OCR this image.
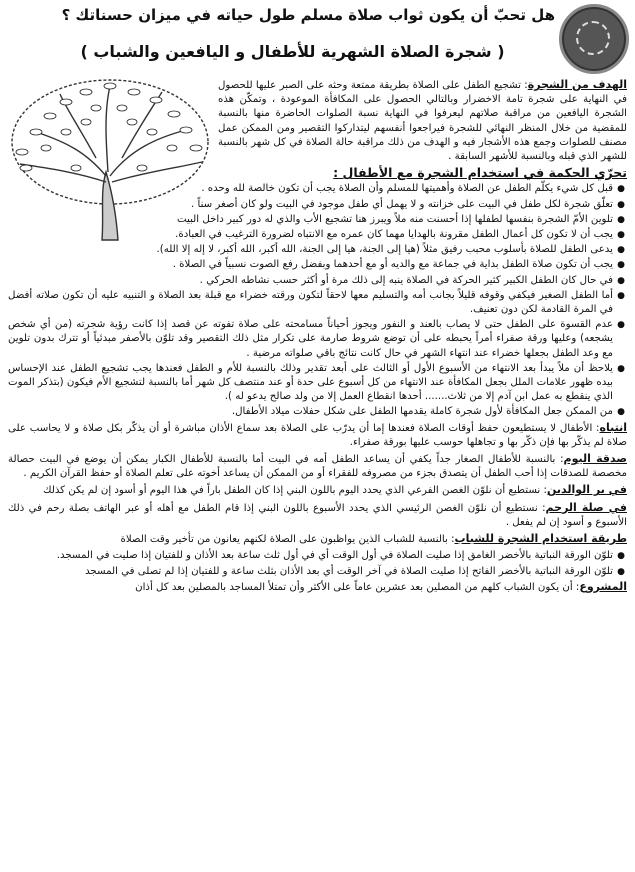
هل تحبّ أن يكون ثواب صلاة مسلم طول حياته في ميزان حسناتك ؟
( شجرة الصلاة الشهرية للأطفال و اليافعين والشباب )

الهدف من الشجرة: تشجيع الطفل على الصلاة بطريقة ممتعة وحثه على الصبر عليها للحصول في النهاية على شجرة تامة الاخضرار وبالتالي الحصول على المكافأة الموعودة ، وتمكّن هذه الشجرة اليافعين من مراقبة صلاتهم ليعرفوا في النهاية نسبة الصلوات الحاضرة منها بالنسبة للمقضية من خلال المنظر النهائي للشجرة فيراجعوا أنفسهم ليتداركوا التقصير ومن الممكن عمل مصنف للصلوات وجمع هذه الأشجار فيه و الهدف من ذلك مراقبة حالة الصلاة في كل شهر بالنسبة للشهر الذي قبله وبالنسبة للأشهر السابقة .

تحرّي الحكمة في استخدام الشجرة مع الأطفال :
● قبل كل شيء يكلّم الطفل عن الصلاة وأهميتها للمسلم وأن الصلاة يجب أن تكون خالصة لله وحده .
● تعلّق شجرة لكل طفل في البيت على خزانته و لا يهمل أي طفل موجود في البيت ولو كان أصغر سناً .
● تلوين الأمّ الشجرة بنفسها لطفلها إذا أحسنت منه ملاً ويبرز هنا تشجيع الأب والذي له دور كبير داخل البيت
● يجب أن لا تكون كل أعمال الطفل مقرونة بالهدايا مهما كان عمره مع الانتباه لضرورة الترغيب في العبادة.
● يدعى الطفل للصلاة بأسلوب محبب رفيق مثلاً (هيا إلى الجنة، هيا إلى الجنة، الله أكبر، الله أكبر، لا إله إلا الله).
● يجب أن تكون صلاة الطفل بداية في جماعة مع والديه أو مع أحدهما وبفضل رفع الصوت نسبياً في الصلاة .
● في حال كان الطفل الكبير كثير الحركة في الصلاة ينبه إلى ذلك مرة أو أكثر حسب نشاطه الحركي .
● أما الطفل الصغير فيكفي وقوفه قليلاً بجانب أمه والتسليم معها لاحقاً لتكون ورقته خضراء مع قبلة بعد الصلاة و التنبيه عليه أن تكون صلاته أفضل في المرة القادمة لكن دون تعنيف.
● عدم القسوة على الطفل حتى لا يصاب بالعند و النفور ويجوز أحياناً مسامحته على صلاة تفوته عن قصد إذا كانت رؤية شجرته (من أي شخص يشجعه) وعليها ورقة صفراء أمراً يحبطه على أن توضع شروط صارمة على تكرار مثل ذلك التقصير وقد تلوّن بالأصفر مبدئياً أو تترك بدون تلوين مع وعد الطفل بجعلها خضراء عند انتهاء الشهر في حال كانت نتائج باقي صلواته مرضية .
● يلاحظ أن ملاً يبدأ بعد الانتهاء من الأسبوع الأول أو الثالث على أبعد تقدير وذلك بالنسبة للأم و الطفل فعندها يجب تشجيع الطفل عند الإحساس بيده ظهور علامات الملل بجعل المكافأة عند الانتهاء من كل أسبوع على حدة أو عند منتصف كل شهر أما بالنسبة لتشجيع الأم فيكون (بتذكر الموت الذي ينقطع به عمل ابن آدم إلا من ثلاث....... أحدها انقطاع العمل إلا من ولد صالح يدعو له ).
● من الممكن جعل المكافأة لأول شجرة كاملة يقدمها الطفل على شكل حفلات ميلاد الأطفال.

انتباه: الأطفال لا يستطيعون حفظ أوقات الصلاة فعندها إما أن يدرّب على الصلاة بعد سماع الأذان مباشرة أو أن يذكّر بكل صلاة و لا يحاسب على صلاة لم يذكّر بها فإن ذكّر بها و تجاهلها حوسب عليها بورقة صفراء.

صدقة اليوم: بالنسبة للأطفال الصغار جداً يكفي أن يساعد الطفل أمه في البيت أما بالنسبة للأطفال الكبار يمكن أن يوضع في البيت حصالة مخصصة للصدقات إذا أحب الطفل أن يتصدق بجزء من مصروفه للفقراء أو من الممكن أن يساعد أخوته على تعلم الصلاة أو حفظ القرآن الكريم .

في بر الوالدين: نستطيع أن نلوّن الغصن الفرعي الذي يحدد اليوم باللون البني إذا كان الطفل باراً في هذا اليوم أو أسود إن لم يكن كذلك

في صلة الرحم: نستطيع أن نلوّن الغصن الرئيسي الذي يحدد الأسبوع باللون البني إذا قام الطفل مع أهله أو عبر الهاتف بصلة رحم في ذلك الأسبوع و أسود إن لم يفعل .

طريقة استخدام الشجرة للشباب: بالنسبة للشباب الذين يواظبون على الصلاة لكنهم يعانون من تأخير وقت الصلاة

● تلوّن الورقة النباتية بالأخضر الغامق إذا صليت الصلاة في أول الوقت أي في أول ثلث ساعة بعد الأذان و للفتيان إذا صليت في المسجد.
● تلوّن الورقة النباتية بالأخضر الفاتح إذا صليت الصلاة في آخر الوقت أي بعد الأذان بثلث ساعة و للفتيان إذا لم تصلى في المسجد

المشروع: أن يكون الشباب كلهم من المصلين بعد عشرين عاماً على الأكثر وأن تمتلأ المساجد بالمصلين بعد كل أذان
